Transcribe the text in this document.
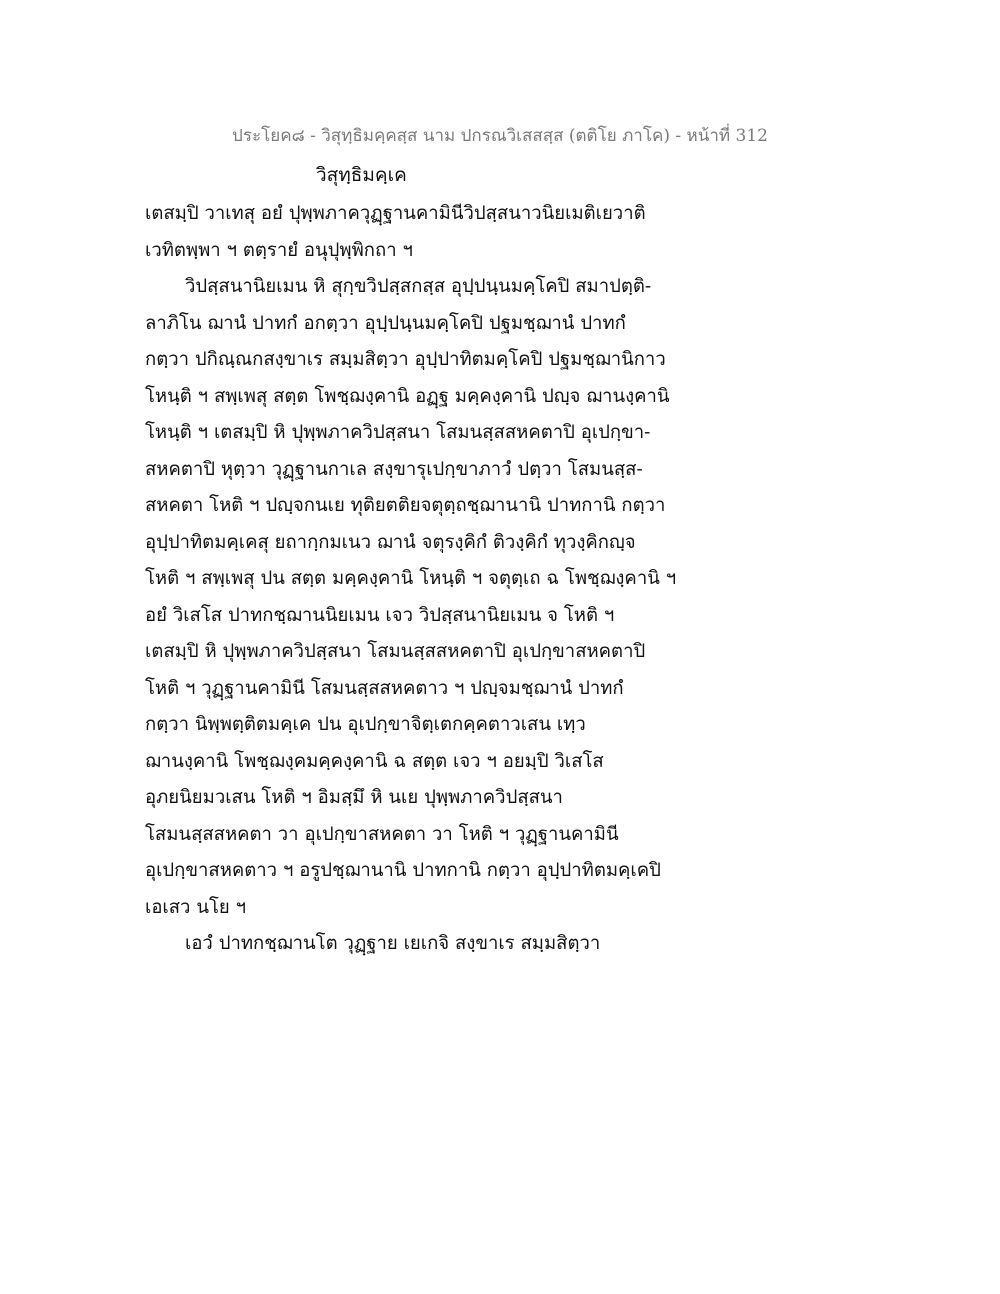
ประโยค๘ - วิสุทฺธิมคฺคสฺส นาม ปกรณวิเสสสฺส (ตติโย ภาโค) - หน้าที่ 312
วิสุทฺธิมคฺเค
เตสมฺปิ วาเทสุ อยํ ปุพฺพภาควุฏฺฐานคามินีวิปสฺสนาวนิยเมติเยวาติ
เวทิตพฺพา ฯ ตตฺรายํ อนุปุพฺพิกถา ฯ
วิปสฺสนานิยเมน หิ สุกฺขวิปสฺสกสฺส อุปฺปนฺนมคฺโคปิ สมาปตฺติ-
ลาภิโน ฌานํ ปาทกํ อกตฺวา อุปฺปนฺนมคฺโคปิ ปฐมชฺฌานํ ปาทกํ
กตฺวา ปกิณฺณกสงฺขาเร สมฺมสิตฺวา อุปฺปาทิตมคฺโคปิ ปฐมชฺฌานิกาว
โหนฺติ ฯ สพฺเพสุ สตฺต โพชฺฌงฺคานิ อฏฺฐ มคฺคงฺคานิ ปญฺจ ฌานงฺคานิ
โหนฺติ ฯ เตสมฺปิ หิ ปุพฺพภาควิปสฺสนา โสมนสฺสสหคตาปิ อุเปกฺขา-
สหคตาปิ หุตฺวา วุฏฺฐานกาเล สงฺขารุเปกฺขาภาวํ ปตฺวา โสมนสฺส-
สหคตา โหติ ฯ ปญฺจกนเย ทุติยตติยจตุตฺถชฺฌานานิ ปาทกานิ กตฺวา
อุปฺปาทิตมคฺเคสุ ยถากฺกมเนว ฌานํ จตุรงฺคิกํ ติวงฺคิกํ ทุวงฺคิกญฺจ
โหติ ฯ สพฺเพสุ ปน สตฺต มคฺคงฺคานิ โหนฺติ ฯ จตุตฺเถ ฉ โพชฺฌงฺคานิ ฯ
อยํ วิเสโส ปาทกชฺฌานนิยเมน เจว วิปสฺสนานิยเมน จ โหติ ฯ
เตสมฺปิ หิ ปุพฺพภาควิปสฺสนา โสมนสฺสสหคตาปิ อุเปกฺขาสหคตาปิ
โหติ ฯ วุฏฺฐานคามินี โสมนสฺสสหคตาว ฯ ปญฺจมชฺฌานํ ปาทกํ
กตฺวา นิพฺพตฺติตมคฺเค ปน อุเปกฺขาจิตฺเตกคฺคตาวเสน เทฺว
ฌานงฺคานิ โพชฺฌงฺคมคฺคงฺคานิ ฉ สตฺต เจว ฯ อยมฺปิ วิเสโส
อุภยนิยมวเสน โหติ ฯ อิมสฺมึ หิ นเย ปุพฺพภาควิปสฺสนา
โสมนสฺสสหคตา วา อุเปกฺขาสหคตา วา โหติ ฯ วุฏฺฐานคามินี
อุเปกฺขาสหคตาว ฯ อรูปชฺฌานานิ ปาทกานิ กตฺวา อุปฺปาทิตมคฺเคปิ
เอเสว นโย ฯ
เอวํ ปาทกชฺฌานโต วุฏฺฐาย เยเกจิ สงฺขาเร สมฺมสิตฺวา
